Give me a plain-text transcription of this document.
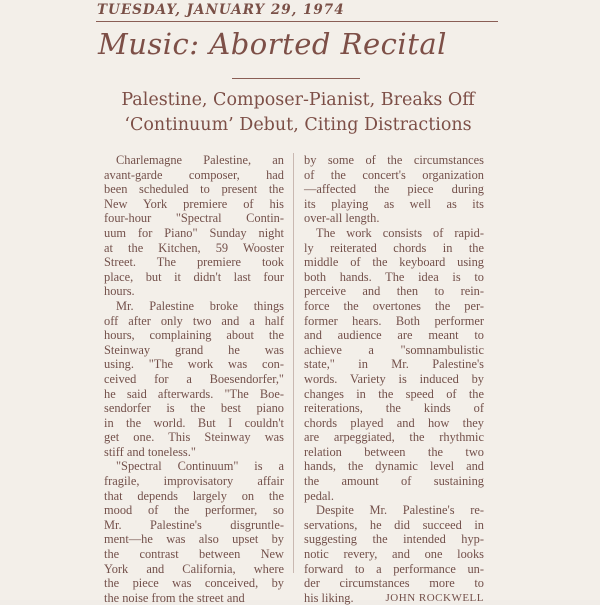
TUESDAY, JANUARY 29, 1974
Music: Aborted Recital
Palestine, Composer-Pianist, Breaks Off
‘Continuum’ Debut, Citing Distractions
Charlemagne Palestine, an
avant-garde composer, had
been scheduled to present the
New York premiere of his
four-hour "Spectral Contin-
uum for Piano" Sunday night
at the Kitchen, 59 Wooster
Street. The premiere took
place, but it didn't last four
hours.
Mr. Palestine broke things
off after only two and a half
hours, complaining about the
Steinway grand he was
using. "The work was con-
ceived for a Boesendorfer,"
he said afterwards. "The Boe-
sendorfer is the best piano
in the world. But I couldn't
get one. This Steinway was
stiff and toneless."
"Spectral Continuum" is a
fragile, improvisatory affair
that depends largely on the
mood of the performer, so
Mr. Palestine's disgruntle-
ment—he was also upset by
the contrast between New
York and California, where
the piece was conceived, by
the noise from the street and
by some of the circumstances
of the concert's organization
—affected the piece during
its playing as well as its
over-all length.
The work consists of rapid-
ly reiterated chords in the
middle of the keyboard using
both hands. The idea is to
perceive and then to rein-
force the overtones the per-
former hears. Both performer
and audience are meant to
achieve a "somnambulistic
state," in Mr. Palestine's
words. Variety is induced by
changes in the speed of the
reiterations, the kinds of
chords played and how they
are arpeggiated, the rhythmic
relation between the two
hands, the dynamic level and
the amount of sustaining
pedal.
Despite Mr. Palestine's re-
servations, he did succeed in
suggesting the intended hyp-
notic revery, and one looks
forward to a performance un-
der circumstances more to
his liking.	JOHN ROCKWELL
